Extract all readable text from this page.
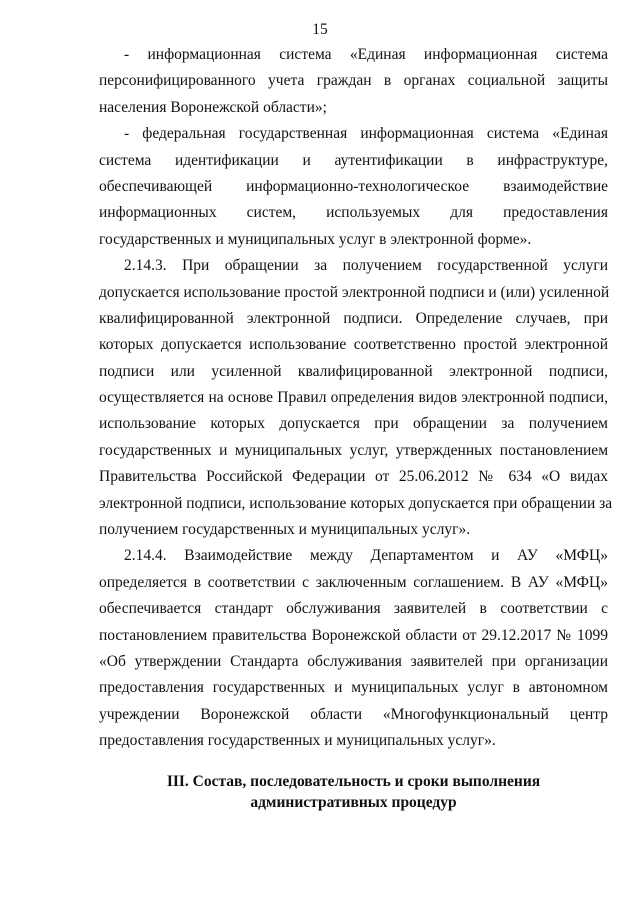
15

- информационная система «Единая информационная система
персонифицированного учета граждан в органах социальной защиты
населения Воронежской области»;

- федеральная государственная информационная система «Единая
система идентификации и аутентификации в инфраструктуре,
обеспечивающей информационно-технологическое взаимодействие
информационных систем, используемых для предоставления
государственных и муниципальных услуг в электронной форме».

2.14.3. При обращении за получением государственной услуги
допускается использование простой электронной подписи и (или) усиленной
квалифицированной электронной подписи. Определение случаев, при
которых допускается использование соответственно простой электронной
подписи или усиленной квалифицированной электронной подписи,
осуществляется на основе Правил определения видов электронной подписи,
использование которых допускается при обращении за получением
государственных и муниципальных услуг, утвержденных постановлением
Правительства Российской Федерации от 25.06.2012 № 634 «О видах
электронной подписи, использование которых допускается при обращении за
получением государственных и муниципальных услуг».

2.14.4. Взаимодействие между Департаментом и АУ «МФЦ»
определяется в соответствии с заключенным соглашением. В АУ «МФЦ»
обеспечивается стандарт обслуживания заявителей в соответствии с
постановлением правительства Воронежской области от 29.12.2017 № 1099
«Об утверждении Стандарта обслуживания заявителей при организации
предоставления государственных и муниципальных услуг в автономном
учреждении Воронежской области «Многофункциональный центр
предоставления государственных и муниципальных услуг».

III. Состав, последовательность и сроки выполнения
административных процедур
